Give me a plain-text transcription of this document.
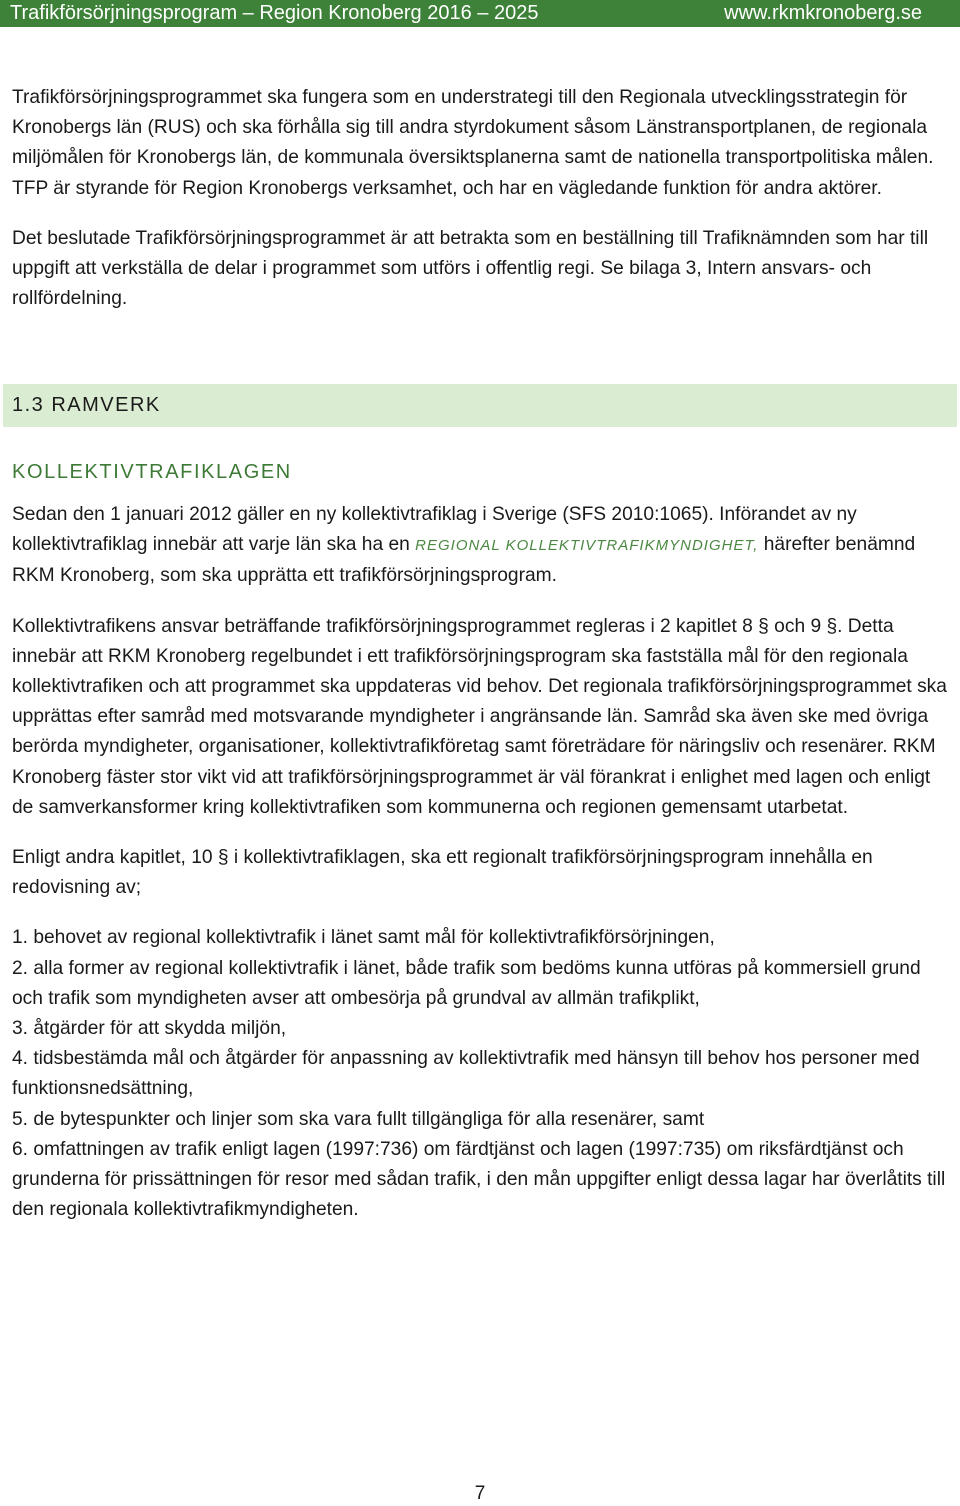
Trafikförsörjningsprogram – Region Kronoberg 2016 – 2025	www.rkmkronoberg.se

Trafikförsörjningsprogrammet ska fungera som en understrategi till den Regionala utvecklingsstrategin för Kronobergs län (RUS) och ska förhålla sig till andra styrdokument såsom Länstransportplanen, de regionala miljömålen för Kronobergs län, de kommunala översiktsplanerna samt de nationella transportpolitiska målen. TFP är styrande för Region Kronobergs verksamhet, och har en vägledande funktion för andra aktörer.

Det beslutade Trafikförsörjningsprogrammet är att betrakta som en beställning till Trafiknämnden som har till uppgift att verkställa de delar i programmet som utförs i offentlig regi. Se bilaga 3, Intern ansvars- och rollfördelning.

1.3 RAMVERK
KOLLEKTIVTRAFIKLAGEN

Sedan den 1 januari 2012 gäller en ny kollektivtrafiklag i Sverige (SFS 2010:1065). Införandet av ny kollektivtrafiklag innebär att varje län ska ha en REGIONAL KOLLEKTIVTRAFIKMYNDIGHET, härefter benämnd RKM Kronoberg, som ska upprätta ett trafikförsörjningsprogram.

Kollektivtrafikens ansvar beträffande trafikförsörjningsprogrammet regleras i 2 kapitlet 8 § och 9 §. Detta innebär att RKM Kronoberg regelbundet i ett trafikförsörjningsprogram ska fastställa mål för den regionala kollektivtrafiken och att programmet ska uppdateras vid behov. Det regionala trafikförsörjningsprogrammet ska upprättas efter samråd med motsvarande myndigheter i angränsande län. Samråd ska även ske med övriga berörda myndigheter, organisationer, kollektivtrafikföretag samt företrädare för näringsliv och resenärer. RKM Kronoberg fäster stor vikt vid att trafikförsörjningsprogrammet är väl förankrat i enlighet med lagen och enligt de samverkansformer kring kollektivtrafiken som kommunerna och regionen gemensamt utarbetat.

Enligt andra kapitlet, 10 § i kollektivtrafiklagen, ska ett regionalt trafikförsörjningsprogram innehålla en redovisning av;

1. behovet av regional kollektivtrafik i länet samt mål för kollektivtrafikförsörjningen,

2. alla former av regional kollektivtrafik i länet, både trafik som bedöms kunna utföras på kommersiell grund och trafik som myndigheten avser att ombesörja på grundval av allmän trafikplikt,

3. åtgärder för att skydda miljön,

4. tidsbestämda mål och åtgärder för anpassning av kollektivtrafik med hänsyn till behov hos personer med funktionsnedsättning,

5. de bytespunkter och linjer som ska vara fullt tillgängliga för alla resenärer, samt

6. omfattningen av trafik enligt lagen (1997:736) om färdtjänst och lagen (1997:735) om riksfärdtjänst och grunderna för prissättningen för resor med sådan trafik, i den mån uppgifter enligt dessa lagar har överlåtits till den regionala kollektivtrafikmyndigheten.

7
